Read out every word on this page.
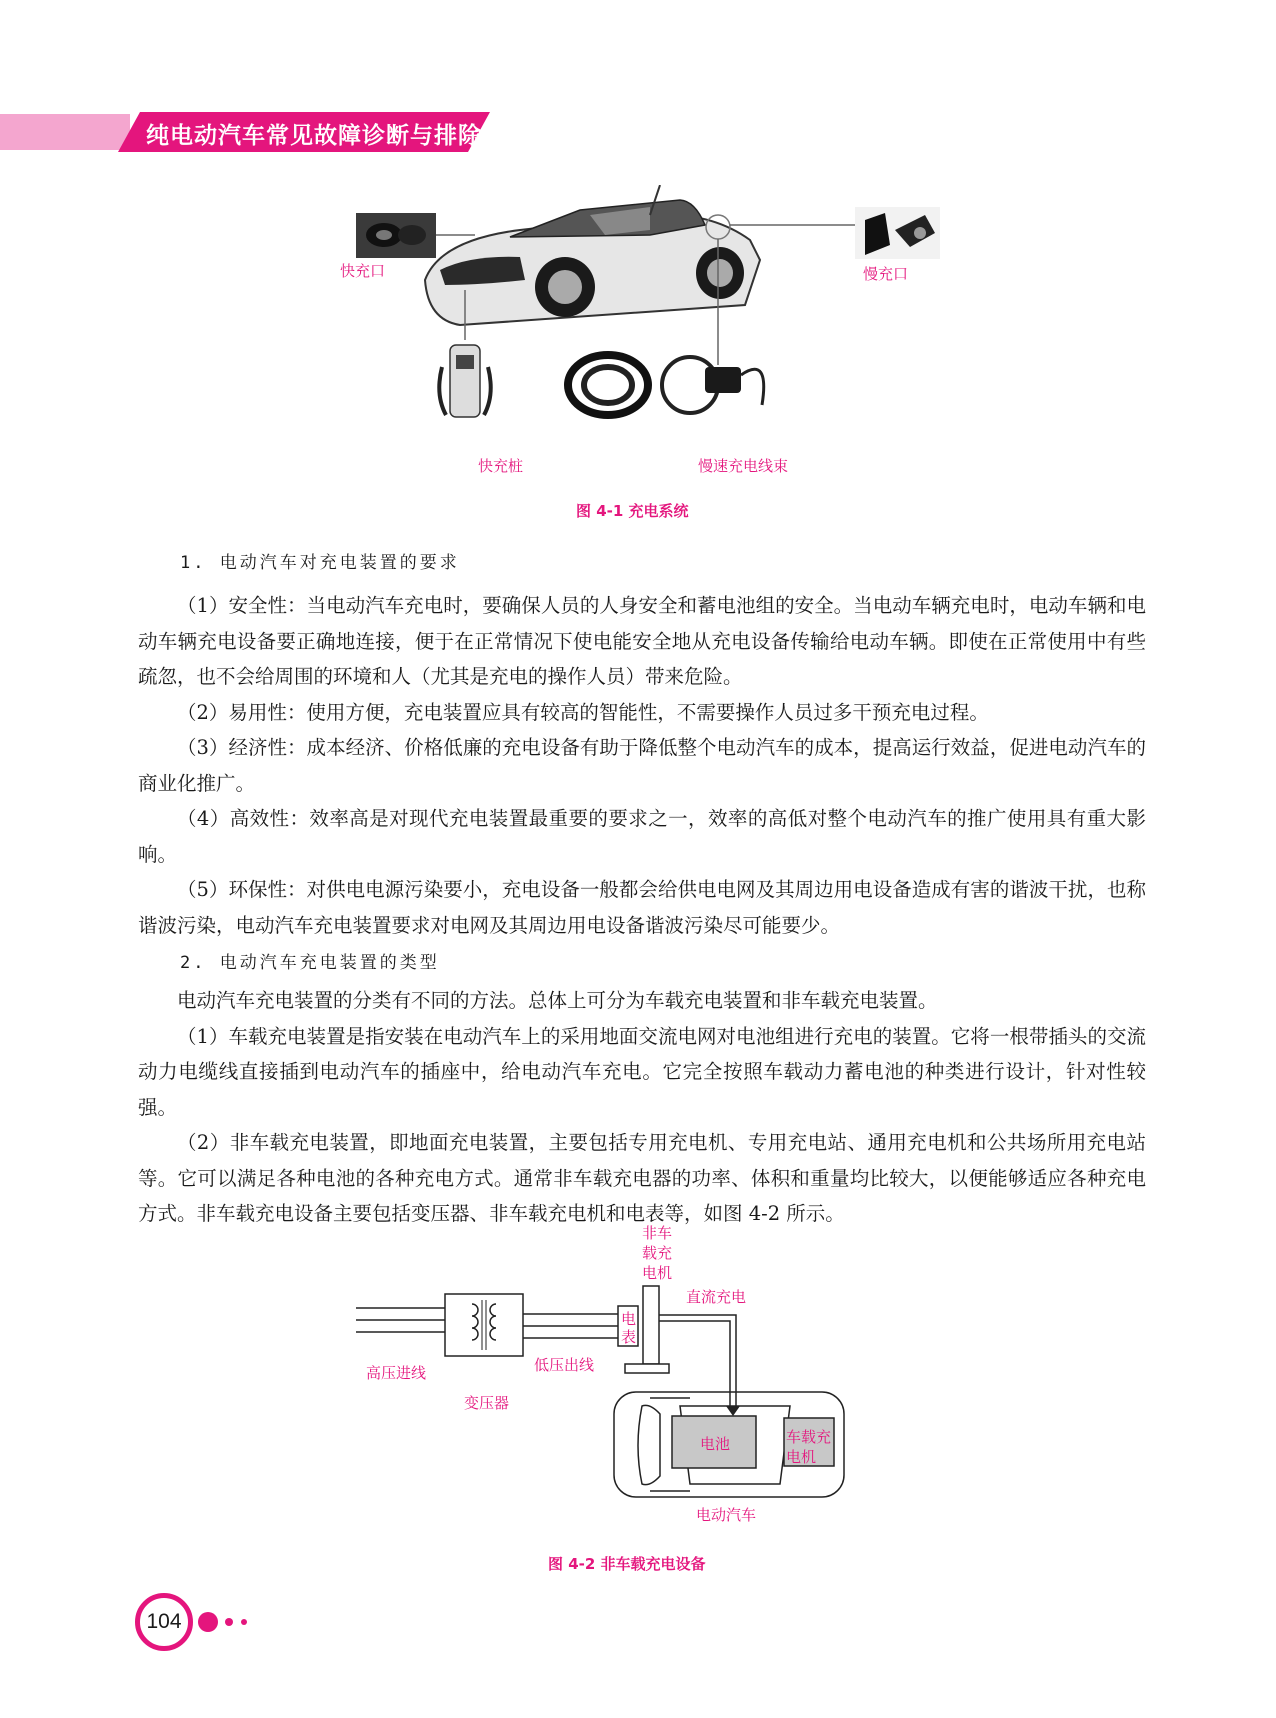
纯电动汽车常见故障诊断与排除
快充口	慢充口
快充桩	慢速充电线束
图 4-1 充电系统
1. 电动汽车对充电装置的要求

（1）安全性：当电动汽车充电时，要确保人员的人身安全和蓄电池组的安全。当电动车辆充电时，电动车辆和电动车辆充电设备要正确地连接，便于在正常情况下使电能安全地从充电设备传输给电动车辆。即使在正常使用中有些疏忽，也不会给周围的环境和人（尤其是充电的操作人员）带来危险。

（2）易用性：使用方便，充电装置应具有较高的智能性，不需要操作人员过多干预充电过程。

（3）经济性：成本经济、价格低廉的充电设备有助于降低整个电动汽车的成本，提高运行效益，促进电动汽车的商业化推广。

（4）高效性：效率高是对现代充电装置最重要的要求之一，效率的高低对整个电动汽车的推广使用具有重大影响。

（5）环保性：对供电电源污染要小，充电设备一般都会给供电电网及其周边用电设备造成有害的谐波干扰，也称谐波污染，电动汽车充电装置要求对电网及其周边用电设备谐波污染尽可能要少。

2. 电动汽车充电装置的类型

电动汽车充电装置的分类有不同的方法。总体上可分为车载充电装置和非车载充电装置。

（1）车载充电装置是指安装在电动汽车上的采用地面交流电网对电池组进行充电的装置。它将一根带插头的交流动力电缆线直接插到电动汽车的插座中，给电动汽车充电。它完全按照车载动力蓄电池的种类进行设计，针对性较强。

（2）非车载充电装置，即地面充电装置，主要包括专用充电机、专用充电站、通用充电机和公共场所用充电站等。它可以满足各种电池的各种充电方式。通常非车载充电器的功率、体积和重量均比较大，以便能够适应各种充电方式。非车载充电设备主要包括变压器、非车载充电机和电表等，如图 4-2 所示。

非车
载充
电机
电
表
直流充电
高压进线	低压出线
变压器
电池	车载充
电机
电动汽车
图 4-2 非车载充电设备
104
